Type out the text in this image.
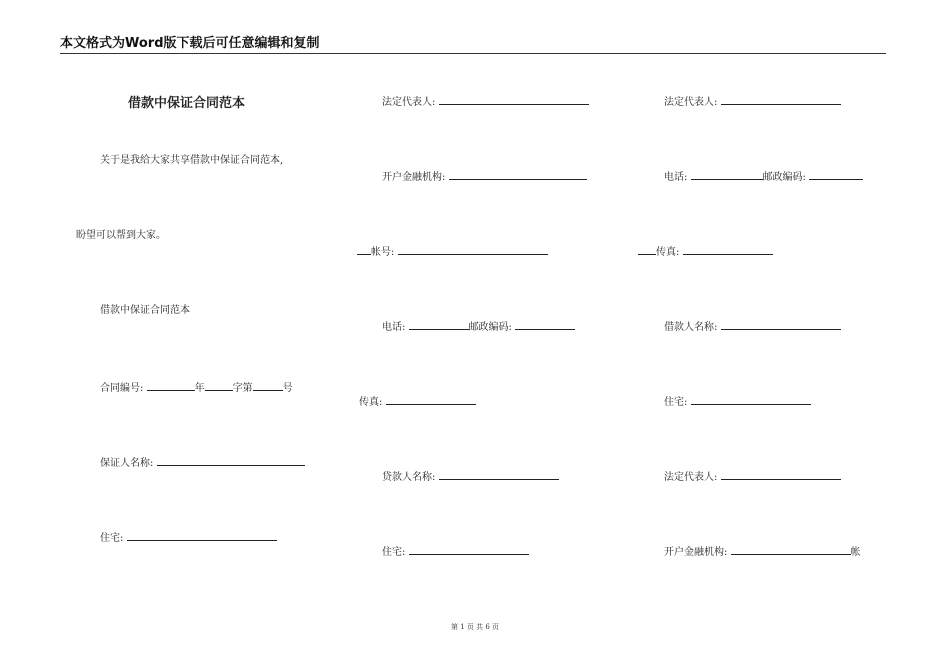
本文格式为Word版下载后可任意编辑和复制
借款中保证合同范本
关于是我给大家共享借款中保证合同范本,
盼望可以帮到大家。
借款中保证合同范本
合同编号:	年	字第	号
保证人名称:
住宅:
法定代表人:
开户金融机构:
帐号:
电话:	邮政编码:
传真:
贷款人名称:
住宅:
法定代表人:
电话:	邮政编码:
传真:
借款人名称:
住宅:
法定代表人:
开户金融机构:	帐
第 1 页 共 6 页
